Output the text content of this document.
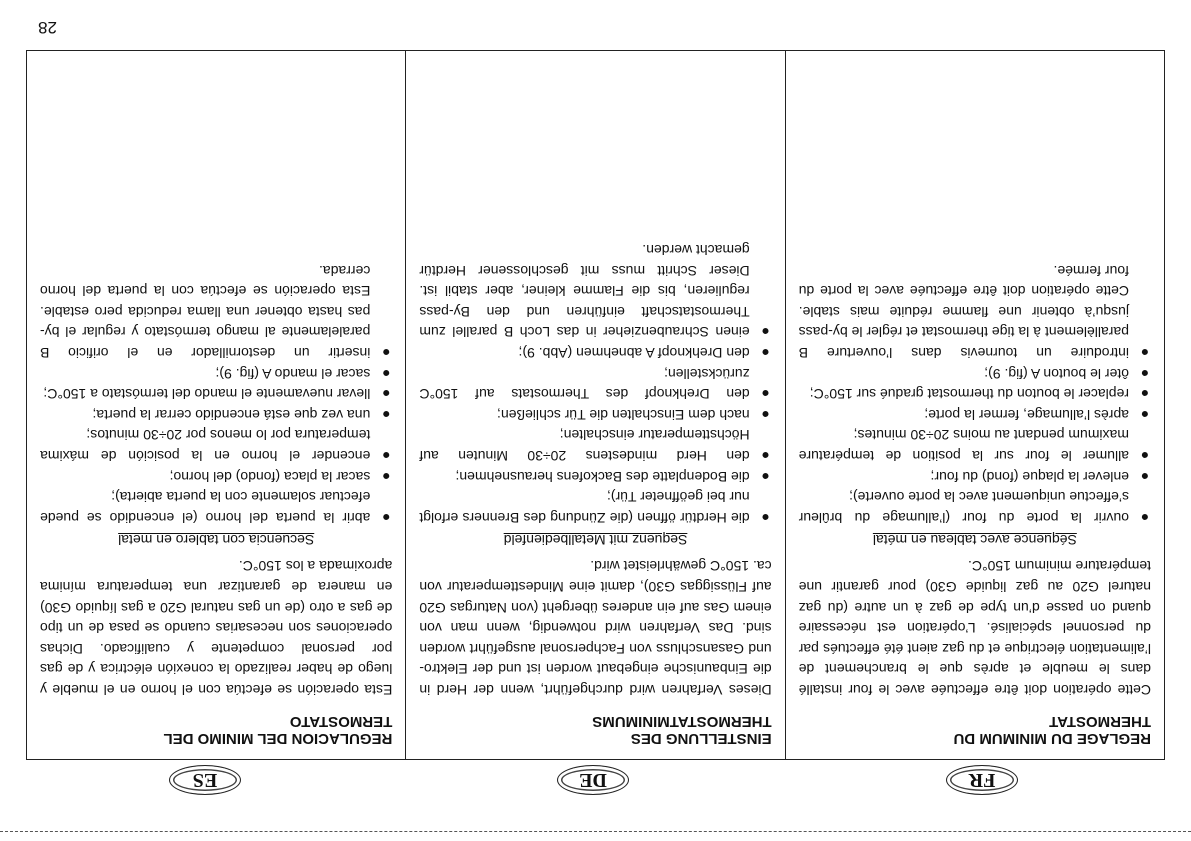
FR
DE
ES
REGLAGE DU MINIMUM DU
THERMOSTAT

Cette opération doit être effectuée avec le four installé dans le meuble et après que le branchement de l’alimentation électrique et du gaz aient été effectués par du personnel spécialisé. L’opération est nécessaire quand on passe d’un type de gaz à un autre (du gaz naturel G20 au gaz liquide G30) pour garantir une température minimum 150°C.

Séquence avec tableau en métal
●
ouvrir la porte du four (l’allumage du brûleur s’effectue uniquement avec la porte ouverte);
●
enlever la plaque (fond) du four;
●
allumer le four sur la position de température maximum pendant au moins 20÷30 minutes;
●
après l’allumage, fermer la porte;
●
replacer le bouton du thermostat gradué sur 150°C;
●
ôter le bouton A (fig. 9);
●
introduire un tournevis dans l’ouverture B parallèlement à la tige thermostat et régler le by-pass jusqu’à obtenir une flamme réduite mais stable. Cette opération doit être effectuée avec la porte du four fermée.
EINSTELLUNG DES
THERMOSTATMINIMUMS

Dieses Verfahren wird durchgeführt, wenn der Herd in die Einbaunische eingebaut worden ist und der Elektro- und Gasanschluss von Fachpersonal ausgeführt worden sind. Das Verfahren wird notwendig, wenn man von einem Gas auf ein anderes übergeht (von Naturgas G20 auf Flüssiggas G30), damit eine Mindesttemperatur von ca. 150°C gewährleistet wird.

Sequenz mit Metallbedienfeld
●
die Herdtür öffnen (die Zündung des Brenners erfolgt nur bei geöffneter Tür);
●
die Bodenplatte des Backofens herausnehmen;
●
den Herd mindestens 20÷30 Minuten auf Höchsttemperatur einschalten;
●
nach dem Einschalten die Tür schließen;
●
den Drehknopf des Thermostats auf 150°C zurückstellen;
●
den Drehknopf A abnehmen (Abb. 9);
●
einen Schraubenzieher in das Loch B parallel zum Thermostatschaft einführen und den By-pass regulieren, bis die Flamme kleiner, aber stabil ist. Dieser Schritt muss mit geschlossener Herdtür gemacht werden.
REGULACION DEL MINIMO DEL
TERMOSTATO

Esta operación se efectúa con el horno en el mueble y luego de haber realizado la conexión eléctrica y de gas por personal competente y cualificado. Dichas operaciones son necesarias cuando se pasa de un tipo de gas a otro (de un gas natural G20 a gas líquido G30) en manera de garantizar una temperatura mínima aproximada a los 150°C.

Secuencia con tablero en metal
●
abrir la puerta del horno (el encendido se puede efectuar solamente con la puerta abierta);
●
sacar la placa (fondo) del horno;
●
encender el horno en la posición de máxima temperatura por lo menos por 20÷30 minutos;
●
una vez que está encendido cerrar la puerta;
●
llevar nuevamente el mando del termóstato a 150°C;
●
sacar el mando A (fig. 9);
●
insertir un destornillador en el orificio B paralelamente al mango termóstato y regular el by-pas hasta obtener una llama reducida pero estable. Esta operación se efectúa con la puerta del horno cerrada.
28
